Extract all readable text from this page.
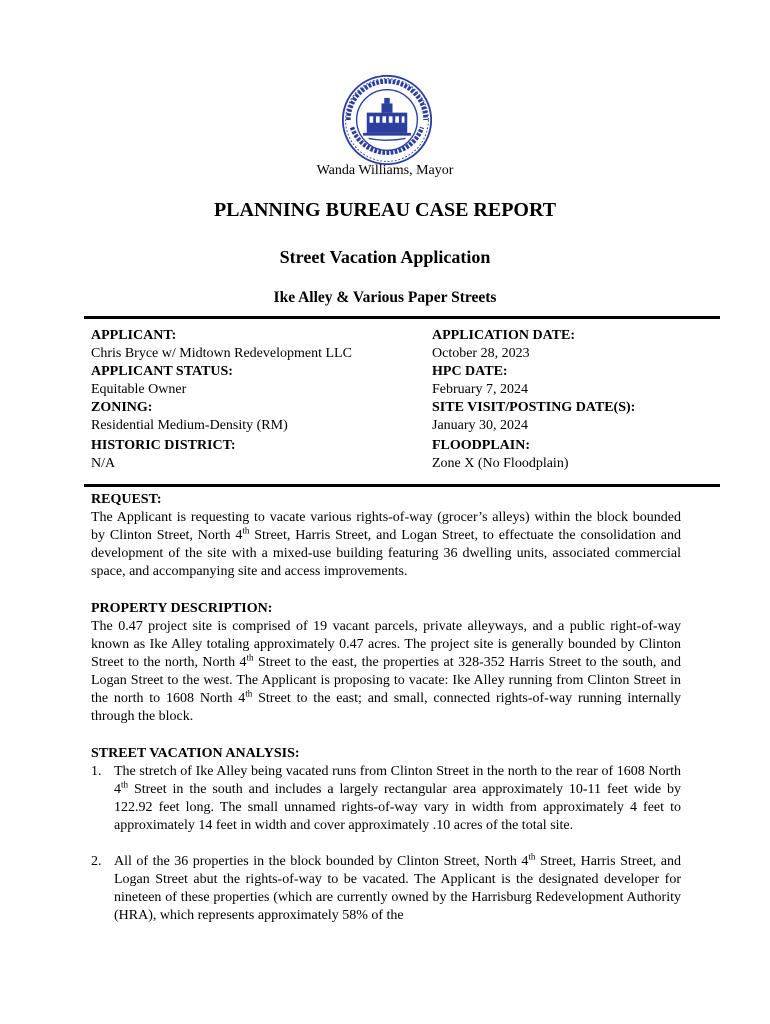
Wanda Williams, Mayor
PLANNING BUREAU CASE REPORT
Street Vacation Application
Ike Alley & Various Paper Streets
APPLICANT:
Chris Bryce w/ Midtown Redevelopment LLC
APPLICANT STATUS:
Equitable Owner
ZONING:
Residential Medium-Density (RM)
HISTORIC DISTRICT:
N/A
APPLICATION DATE:
October 28, 2023
HPC DATE:
February 7, 2024
SITE VISIT/POSTING DATE(S):
January 30, 2024
FLOODPLAIN:
Zone X (No Floodplain)
REQUEST:
The Applicant is requesting to vacate various rights-of-way (grocer’s alleys) within the block bounded by Clinton Street, North 4th Street, Harris Street, and Logan Street, to effectuate the consolidation and development of the site with a mixed-use building featuring 36 dwelling units, associated commercial space, and accompanying site and access improvements.
PROPERTY DESCRIPTION:
The 0.47 project site is comprised of 19 vacant parcels, private alleyways, and a public right-of-way known as Ike Alley totaling approximately 0.47 acres. The project site is generally bounded by Clinton Street to the north, North 4th Street to the east, the properties at 328-352 Harris Street to the south, and Logan Street to the west. The Applicant is proposing to vacate: Ike Alley running from Clinton Street in the north to 1608 North 4th Street to the east; and small, connected rights-of-way running internally through the block.
STREET VACATION ANALYSIS:
1. The stretch of Ike Alley being vacated runs from Clinton Street in the north to the rear of 1608 North 4th Street in the south and includes a largely rectangular area approximately 10-11 feet wide by 122.92 feet long. The small unnamed rights-of-way vary in width from approximately 4 feet to approximately 14 feet in width and cover approximately .10 acres of the total site.
2. All of the 36 properties in the block bounded by Clinton Street, North 4th Street, Harris Street, and Logan Street abut the rights-of-way to be vacated. The Applicant is the designated developer for nineteen of these properties (which are currently owned by the Harrisburg Redevelopment Authority (HRA), which represents approximately 58% of the
